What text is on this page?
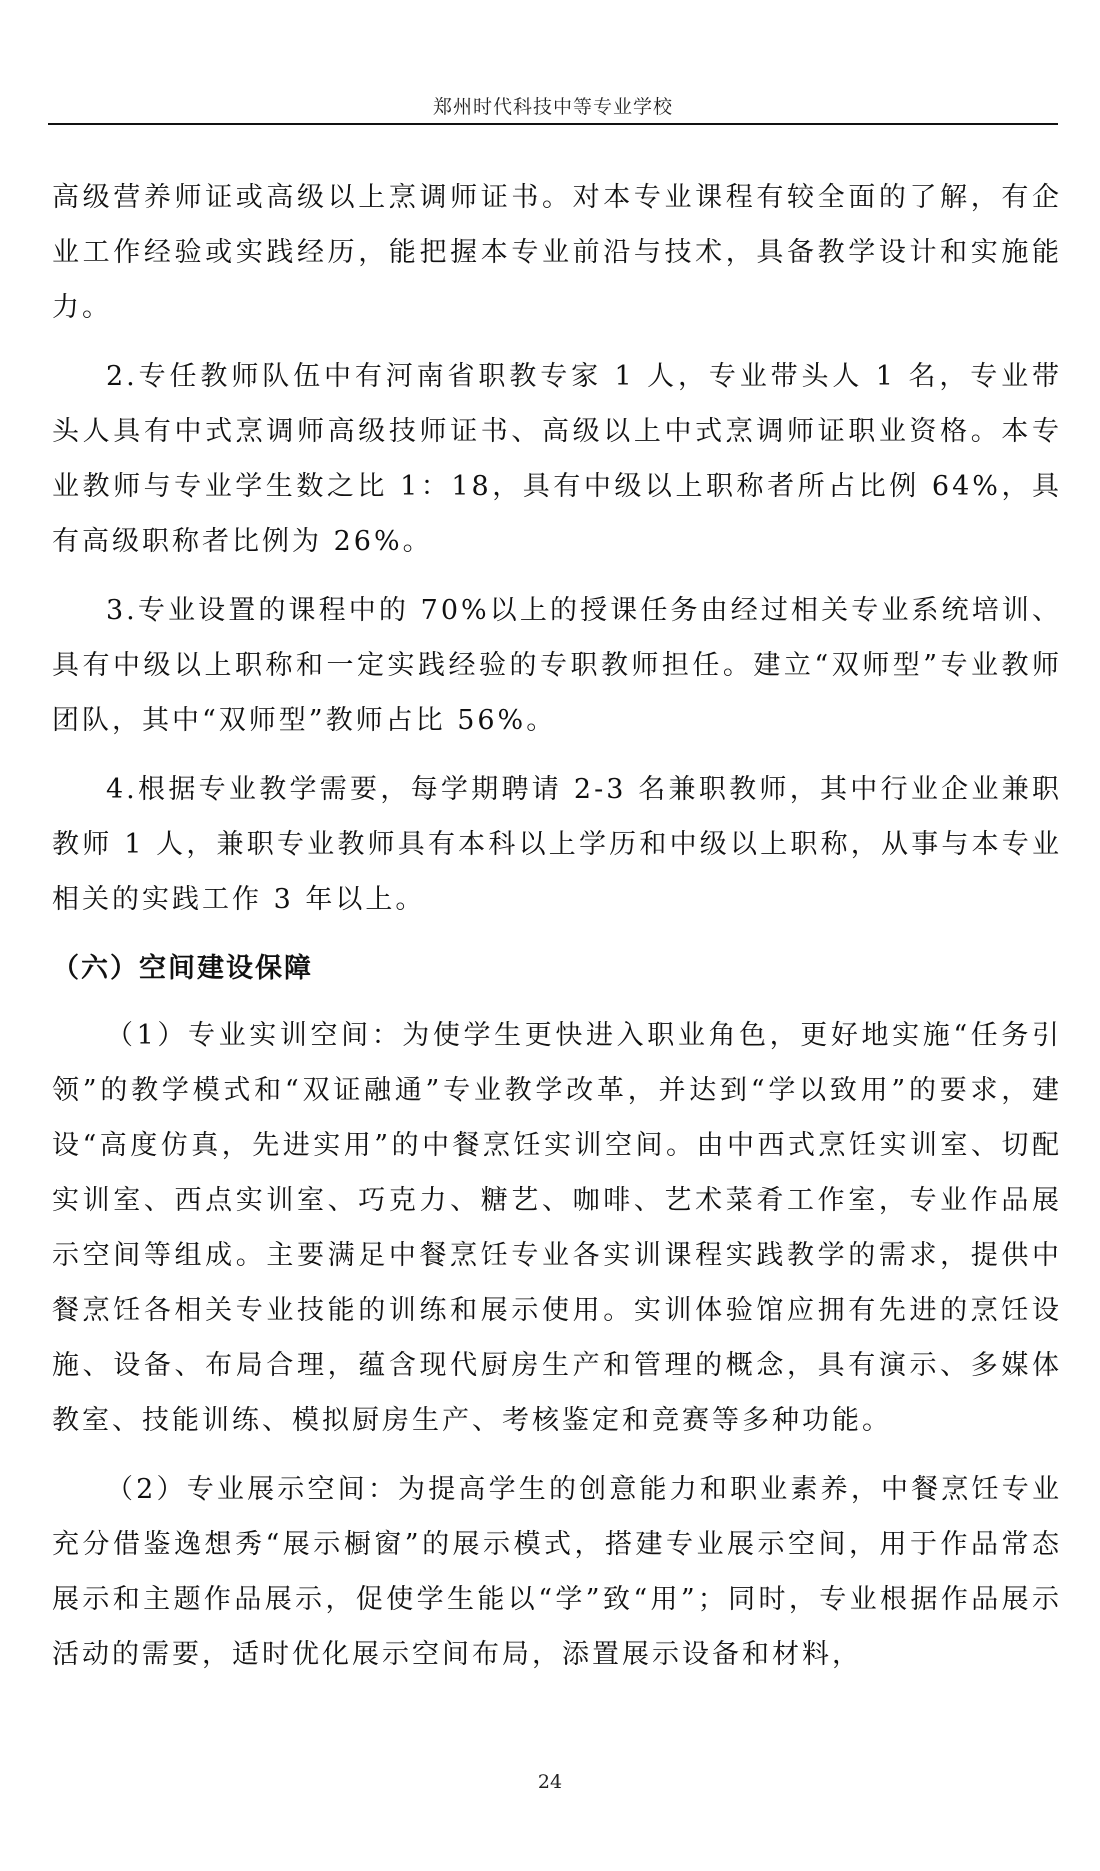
郑州时代科技中等专业学校

高级营养师证或高级以上烹调师证书。对本专业课程有较全面的了解，有企业工作经验或实践经历，能把握本专业前沿与技术，具备教学设计和实施能 力。

2.专任教师队伍中有河南省职教专家 1 人，专业带头人 1 名，专业带头人具有中式烹调师高级技师证书、高级以上中式烹调师证职业资格。本专业教师与专业学生数之比 1：18，具有中级以上职称者所占比例 64%，具有高级职称者比例为 26%。

3.专业设置的课程中的 70%以上的授课任务由经过相关专业系统培训、具有中级以上职称和一定实践经验的专职教师担任。建立“双师型”专业教师团队，其中“双师型”教师占比 56%。

4.根据专业教学需要，每学期聘请 2-3 名兼职教师，其中行业企业兼职教师 1 人，兼职专业教师具有本科以上学历和中级以上职称，从事与本专业相关的实践工作 3 年以上。

（六）空间建设保障

（1）专业实训空间：为使学生更快进入职业角色，更好地实施“任务引领”的教学模式和“双证融通”专业教学改革，并达到“学以致用”的要求，建设“高度仿真，先进实用”的中餐烹饪实训空间。由中西式烹饪实训室、切配实训室、西点实训室、巧克力、糖艺、咖啡、艺术菜肴工作室，专业作品展示空间等组成。主要满足中餐烹饪专业各实训课程实践教学的需求，提供中餐烹饪各相关专业技能的训练和展示使用。实训体验馆应拥有先进的烹饪设施、设备、布局合理，蕴含现代厨房生产和管理的概念，具有演示、多媒体教室、技能训练、模拟厨房生产、考核鉴定和竞赛等多种功能。

（2）专业展示空间：为提高学生的创意能力和职业素养，中餐烹饪专业充分借鉴逸想秀“展示橱窗”的展示模式，搭建专业展示空间，用于作品常态展示和主题作品展示，促使学生能以“学”致“用”；同时，专业根据作品展示活动的需要，适时优化展示空间布局，添置展示设备和材料，

24
